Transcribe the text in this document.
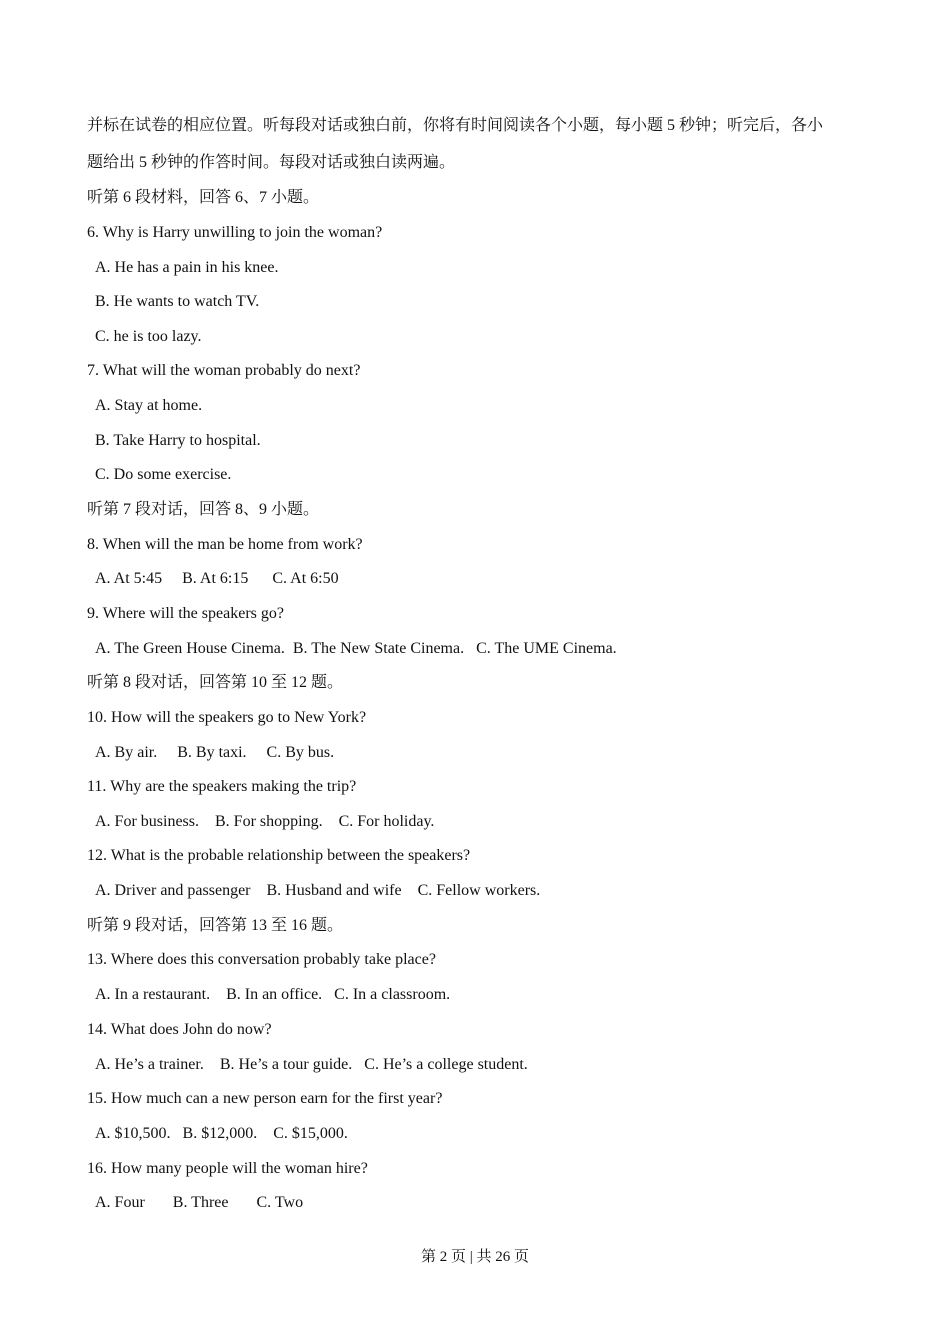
并标在试卷的相应位置。听每段对话或独白前，你将有时间阅读各个小题，每小题 5 秒钟；听完后，各小
题给出 5 秒钟的作答时间。每段对话或独白读两遍。
听第 6 段材料，回答 6、7 小题。
6. Why is Harry unwilling to join the woman?
A. He has a pain in his knee.
B. He wants to watch TV.
C. he is too lazy.
7. What will the woman probably do next?
A. Stay at home.
B. Take Harry to hospital.
C. Do some exercise.
听第 7 段对话，回答 8、9 小题。
8. When will the man be home from work?
A. At 5:45     B. At 6:15      C. At 6:50
9. Where will the speakers go?
A. The Green House Cinema.  B. The New State Cinema.   C. The UME Cinema.
听第 8 段对话，回答第 10 至 12 题。
10. How will the speakers go to New York?
A. By air.     B. By taxi.     C. By bus.
11. Why are the speakers making the trip?
A. For business.    B. For shopping.    C. For holiday.
12. What is the probable relationship between the speakers?
A. Driver and passenger    B. Husband and wife    C. Fellow workers.
听第 9 段对话，回答第 13 至 16 题。
13. Where does this conversation probably take place?
A. In a restaurant.    B. In an office.   C. In a classroom.
14. What does John do now?
A. He’s a trainer.    B. He’s a tour guide.   C. He’s a college student.
15. How much can a new person earn for the first year?
A. $10,500.   B. $12,000.    C. $15,000.
16. How many people will the woman hire?
A. Four       B. Three       C. Two
第 2 页 | 共 26 页
